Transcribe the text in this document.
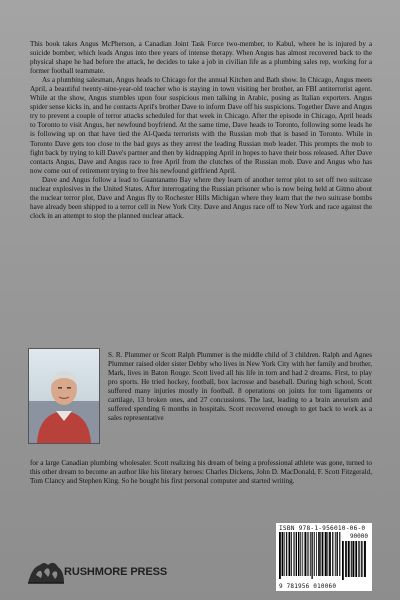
This book takes Angus McPherson, a Canadian Joint Task Force two-member, to Kabul, where he is injured by a suicide bomber, which leads Angus into thee years of intense therapy. When Angus has almost recovered back to the physical shape he had before the attack, he decides to take a job in civilian life as a plumbing sales rep, working for a former football teammate.

As a plumbing salesman, Angus heads to Chicago for the annual Kitchen and Bath show. In Chicago, Angus meets April, a beautiful twenty-nine-year-old teacher who is staying in town visiting her brother, an FBI antiterrorist agent. While at the show, Angus stumbles upon four suspicious men talking in Arabic, posing as Italian exporters. Angus spider sense kicks in, and he contacts April's brother Dave to inform Dave off his suspicions. Together Dave and Angus try to prevent a couple of terror attacks scheduled for that week in Chicago. After the episode in Chicago, April heads to Toronto to visit Angus, her newfound boyfriend. At the same time, Dave heads to Toronto, following some leads he is following up on that have tied the Al-Qaeda terrorists with the Russian mob that is based in Toronto. While in Toronto Dave gets too close to the bad guys as they arrest the leading Russian mob leader. This prompts the mob to fight back by trying to kill Dave's partner and then by kidnapping April in hopes to have their boss released. After Dave contacts Angus, Dave and Angus race to free April from the clutches of the Russian mob. Dave and Angus who has now come out of retirement trying to free his newfound girlfriend April.

Dave and Angus follow a lead to Guantanamo Bay where they learn of another terror plot to set off two suitcase nuclear explosives in the United States. After interrogating the Russian prisoner who is now being held at Gitmo about the nuclear terror plot, Dave and Angus fly to Rochester Hills Michigan where they learn that the two suitcase bombs have already been shipped to a terror cell in New York City. Dave and Angus race off to New York and race against the clock in an attempt to stop the planned nuclear attack.

S. R. Plummer or Scott Ralph Plummer is the middle child of 3 children. Ralph and Agnes Plummer raised older sister Debby who lives in New York City with her family and brother, Mark, lives in Baton Rouge. Scott lived all his life in torn and had 2 dreams. First, to play pro sports. He tried hockey, football, box lacrosse and baseball. During high school, Scott suffered many injuries mostly in football. 8 operations on joints for torn ligaments or cartilage, 13 broken ones, and 27 concussions. The last, leading to a brain aneurism and suffered spending 6 months in hospitals. Scott recovered enough to get back to work as a sales representative

for a large Canadian plumbing wholesaler. Scott realizing his dream of being a professional athlete was gone, turned to this other dream to become an author like his literary heroes: Charles Dickens, John D. MacDonald, F. Scott Fitzgerald, Tom Clancy and Stephen King. So he bought his first personal computer and started writing.

ISBN 978-1-956010-06-0
90000
9 781956 010060
RUSHMORE PRESS
